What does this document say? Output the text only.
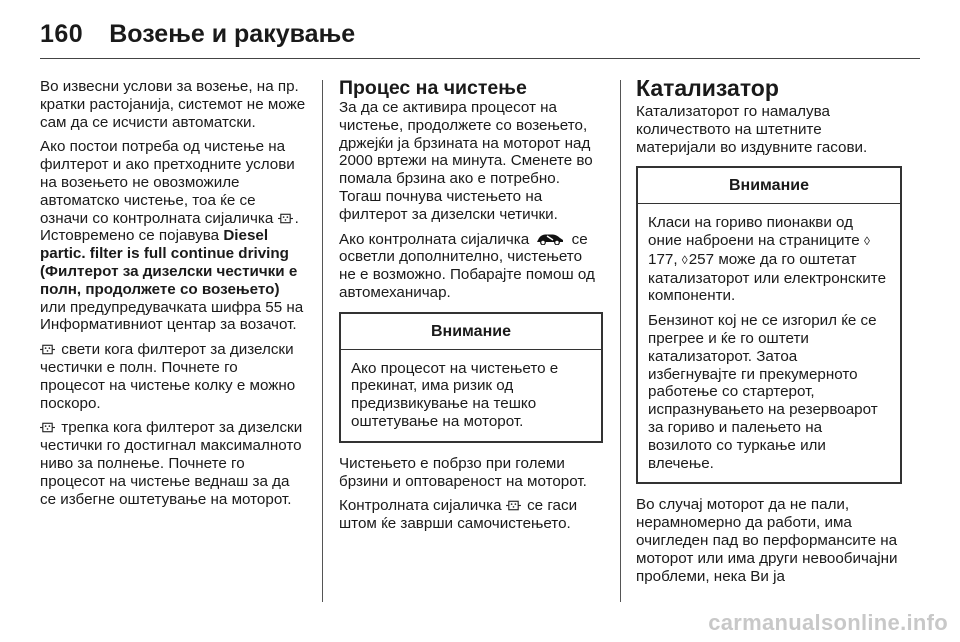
160 Возење и ракување

Во извесни услови за возење, на пр. кратки растојанија, системот не може сам да се исчисти автоматски.

Ако постои потреба од чистење на филтерот и ако претходните услови на возењето не овозможиле автоматско чистење, тоа ќе се означи со контролната сијаличка . Истовремено се појавува Diesel partic. filter is full continue driving (Филтерот за дизелски честички е полн, продолжете со возењето) или предупредувачката шифра 55 на Информативниот центар за возачот.

свети кога филтерот за дизелски честички е полн. Почнете го процесот на чистење колку е можно поскоро.

трепка кога филтерот за дизелски честички го достигнал максималното ниво за полнење. Почнете го процесот на чистење веднаш за да се избегне оштетување на моторот.

Процес на чистење

За да се активира процесот на чистење, продолжете со возењето, држејќи ја брзината на моторот над 2000 вртежи на минута. Сменете во помала брзина ако е потребно. Тогаш почнува чистењето на филтерот за дизелски четички.

Ако контролната сијаличка	се осветли дополнително, чистењето не е возможно. Побарајте помош од автомеханичар.

Внимание

Ако процесот на чистењето е прекинат, има ризик од предизвикување на тешко оштетување на моторот.

Чистењето е побрзо при големи брзини и оптовареност на моторот.

Контролната сијаличка се гаси штом ќе заврши самочистењето.

Катализатор

Катализаторот го намалува количеството на штетните материјали во издувните гасови.

Внимание

Класи на гориво пионакви од оние наброени на страниците ◊177, ◊257 може да го оштетат катализаторот или електронските компоненти.

Бензинот кој не се изгорил ќе се прегрее и ќе го оштети катализаторот. Затоа избегнувајте ги прекумерното работење со стартерот, испразнувањето на резервоарот за гориво и палењето на возилото со туркање или влечење.

Во случај моторот да не пали, нерамномерно да работи, има очигледен пад во перформансите на моторот или има други невообичајни проблеми, нека Ви ја

carmanualsonline.info
